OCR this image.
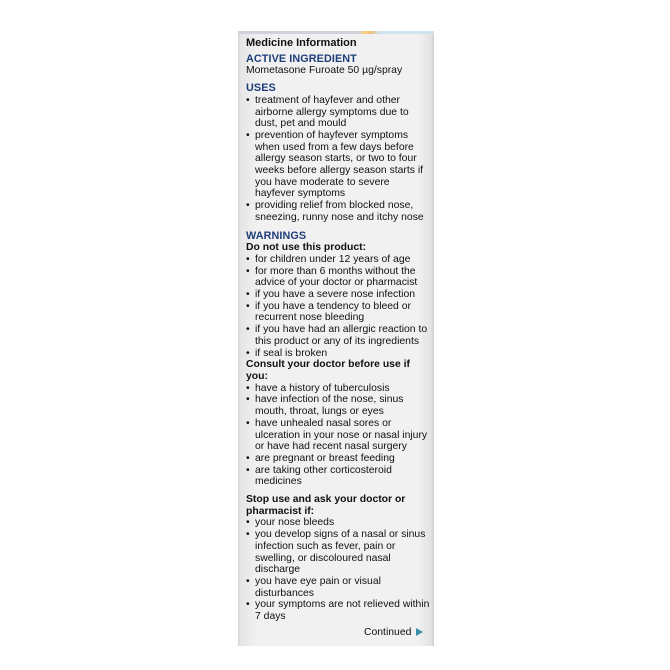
Medicine Information
ACTIVE INGREDIENT
Mometasone Furoate 50 µg/spray
USES
• treatment of hayfever and other airborne allergy symptoms due to dust, pet and mould
• prevention of hayfever symptoms when used from a few days before allergy season starts, or two to four weeks before allergy season starts if you have moderate to severe hayfever symptoms
• providing relief from blocked nose, sneezing, runny nose and itchy nose
WARNINGS
Do not use this product:
• for children under 12 years of age
• for more than 6 months without the advice of your doctor or pharmacist
• if you have a severe nose infection
• if you have a tendency to bleed or recurrent nose bleeding
• if you have had an allergic reaction to this product or any of its ingredients
• if seal is broken
Consult your doctor before use if you:
• have a history of tuberculosis
• have infection of the nose, sinus mouth, throat, lungs or eyes
• have unhealed nasal sores or ulceration in your nose or nasal injury or have had recent nasal surgery
• are pregnant or breast feeding
• are taking other corticosteroid medicines
Stop use and ask your doctor or pharmacist if:
• your nose bleeds
• you develop signs of a nasal or sinus infection such as fever, pain or swelling, or discoloured nasal discharge
• you have eye pain or visual disturbances
• your symptoms are not relieved within 7 days
Continued
